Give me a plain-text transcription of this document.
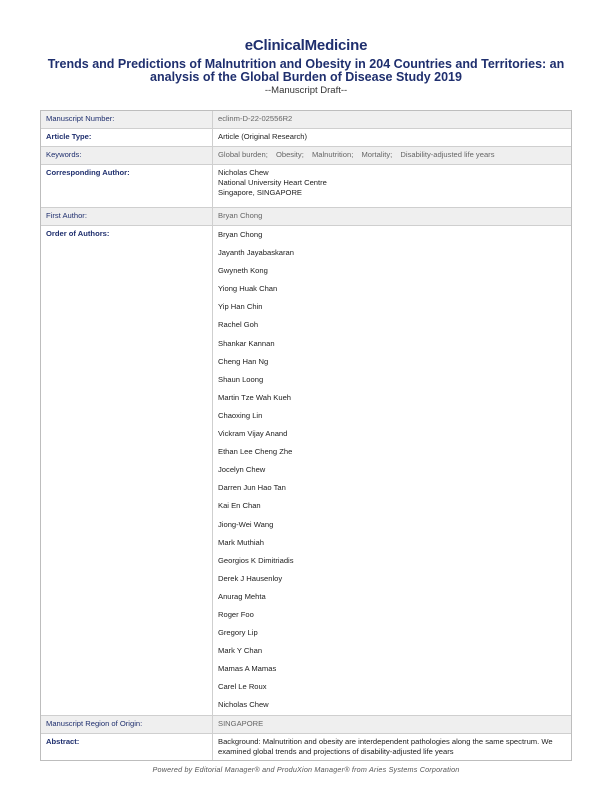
eClinicalMedicine
Trends and Predictions of Malnutrition and Obesity in 204 Countries and Territories: an analysis of the Global Burden of Disease Study 2019
--Manuscript Draft--
Manuscript Number:	eclinm-D-22-02556R2
Article Type:	Article (Original Research)
Keywords:	Global burden; Obesity; Malnutrition; Mortality; Disability-adjusted life years
Corresponding Author:	Nicholas Chew
National University Heart Centre
Singapore, SINGAPORE
First Author:	Bryan Chong
Order of Authors:	Bryan Chong
Jayanth Jayabaskaran
Gwyneth Kong
Yiong Huak Chan
Yip Han Chin
Rachel Goh
Shankar Kannan
Cheng Han Ng
Shaun Loong
Martin Tze Wah Kueh
Chaoxing Lin
Vickram Vijay Anand
Ethan Lee Cheng Zhe
Jocelyn Chew
Darren Jun Hao Tan
Kai En Chan
Jiong-Wei Wang
Mark Muthiah
Georgios K Dimitriadis
Derek J Hausenloy
Anurag Mehta
Roger Foo
Gregory Lip
Mark Y Chan
Mamas A Mamas
Carel Le Roux
Nicholas Chew
Manuscript Region of Origin:	SINGAPORE
Abstract:	Background: Malnutrition and obesity are interdependent pathologies along the same spectrum. We examined global trends and projections of disability-adjusted life years
Powered by Editorial Manager® and ProduXion Manager® from Aries Systems Corporation
